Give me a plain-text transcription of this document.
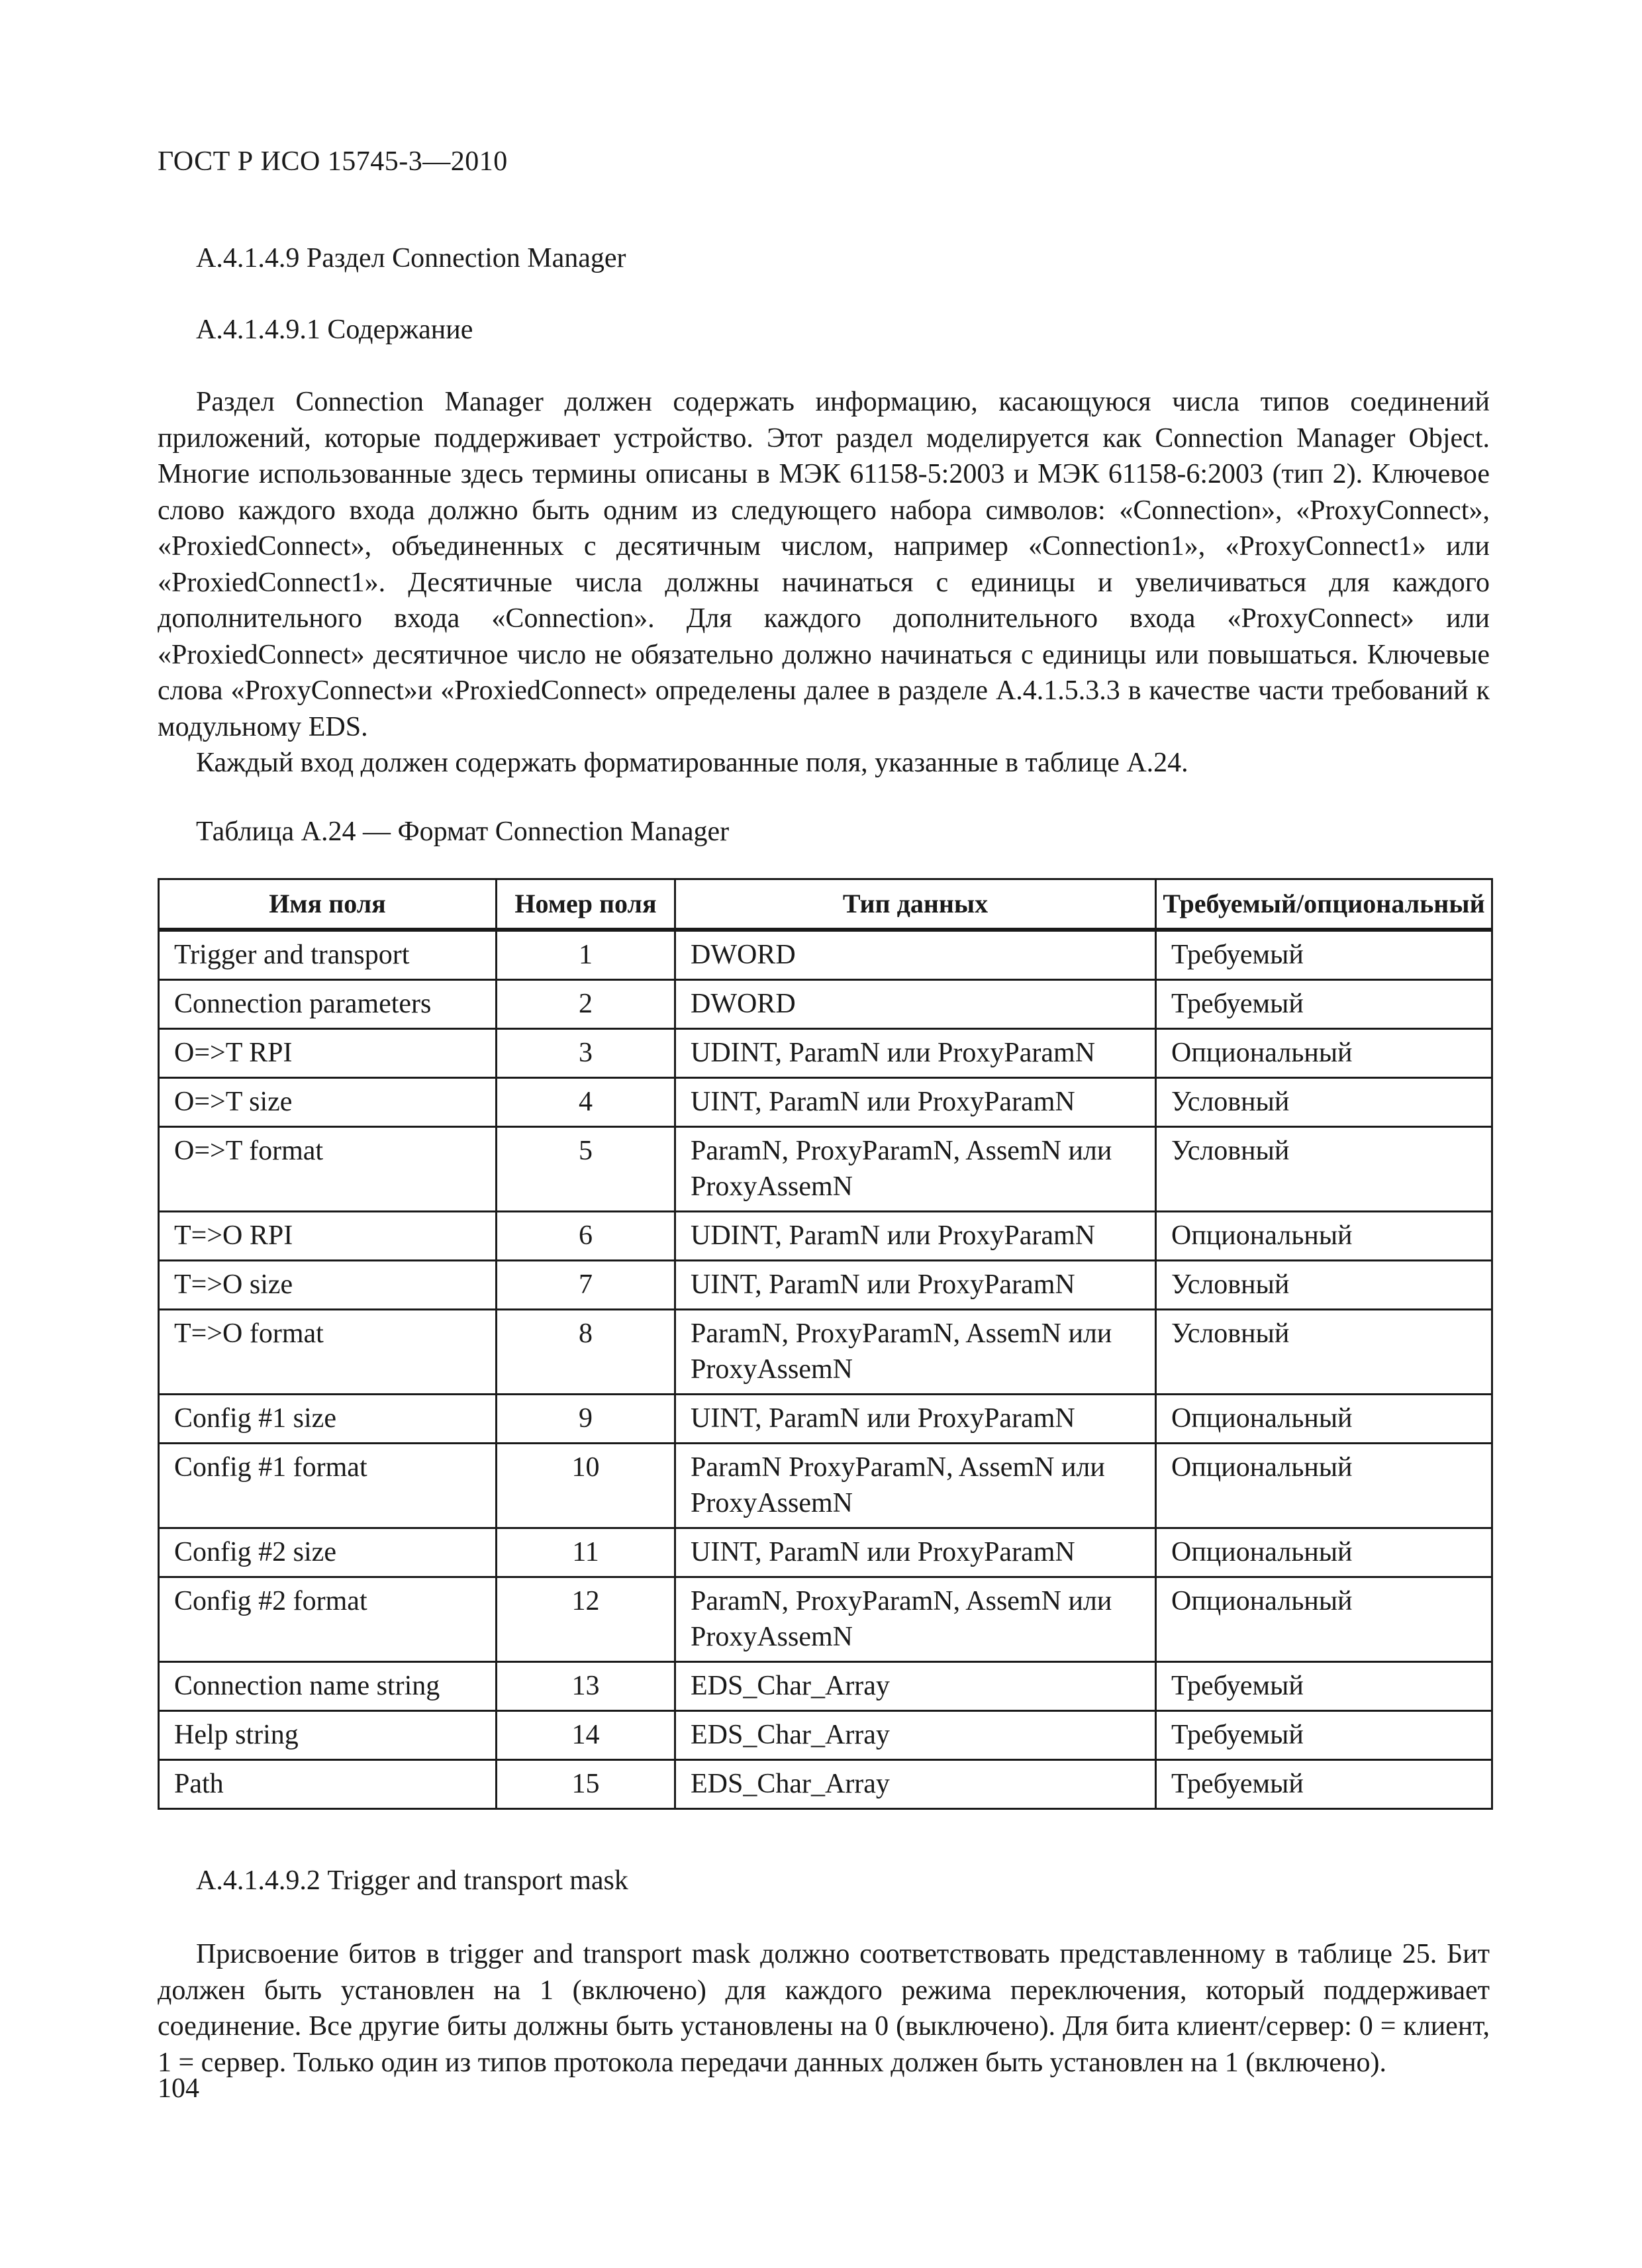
ГОСТ Р ИСО 15745-3—2010
А.4.1.4.9 Раздел Connection Manager
А.4.1.4.9.1 Содержание

Раздел Connection Manager должен содержать информацию, касающуюся числа типов соединений приложений, которые поддерживает устройство. Этот раздел моделируется как Connection Manager Object. Многие использованные здесь термины описаны в МЭК 61158-5:2003 и МЭК 61158-6:2003 (тип 2). Ключевое слово каждого входа должно быть одним из следующего набора символов: «Connection», «ProxyConnect», «ProxiedConnect», объединенных с десятичным числом, например «Connection1», «ProxyConnect1» или «ProxiedConnect1». Десятичные числа должны начинаться с единицы и увеличиваться для каждого дополнительного входа «Connection». Для каждого дополнительного входа «ProxyConnect» или «ProxiedConnect» десятичное число не обязательно должно начинаться с единицы или повышаться. Ключевые слова «ProxyConnect»и «ProxiedConnect» определены далее в разделе А.4.1.5.3.3 в качестве части требований к модульному EDS.

Каждый вход должен содержать форматированные поля, указанные в таблице А.24.

Таблица А.24 — Формат Connection Manager
Имя поля	Номер поля	Тип данных	Требуемый/опциональный
Trigger and transport	1	DWORD	Требуемый
Connection parameters	2	DWORD	Требуемый
O=>T RPI	3	UDINT, ParamN или ProxyParamN	Опциональный
O=>T size	4	UINT, ParamN или ProxyParamN	Условный
O=>T format	5	ParamN, ProxyParamN, AssemN или ProxyAssemN	Условный
T=>O RPI	6	UDINT, ParamN или ProxyParamN	Опциональный
T=>O size	7	UINT, ParamN или ProxyParamN	Условный
T=>O format	8	ParamN, ProxyParamN, AssemN или ProxyAssemN	Условный
Config #1 size	9	UINT, ParamN или ProxyParamN	Опциональный
Config #1 format	10	ParamN ProxyParamN, AssemN или ProxyAssemN	Опциональный
Config #2 size	11	UINT, ParamN или ProxyParamN	Опциональный
Config #2 format	12	ParamN, ProxyParamN, AssemN или ProxyAssemN	Опциональный
Connection name string	13	EDS_Char_Array	Требуемый
Help string	14	EDS_Char_Array	Требуемый
Path	15	EDS_Char_Array	Требуемый
А.4.1.4.9.2 Trigger and transport mask

Присвоение битов в trigger and transport mask должно соответствовать представленному в таблице 25. Бит должен быть установлен на 1 (включено) для каждого режима переключения, который поддерживает соединение. Все другие биты должны быть установлены на 0 (выключено). Для бита клиент/сервер: 0 = клиент, 1 = сервер. Только один из типов протокола передачи данных должен быть установлен на 1 (включено).

104
